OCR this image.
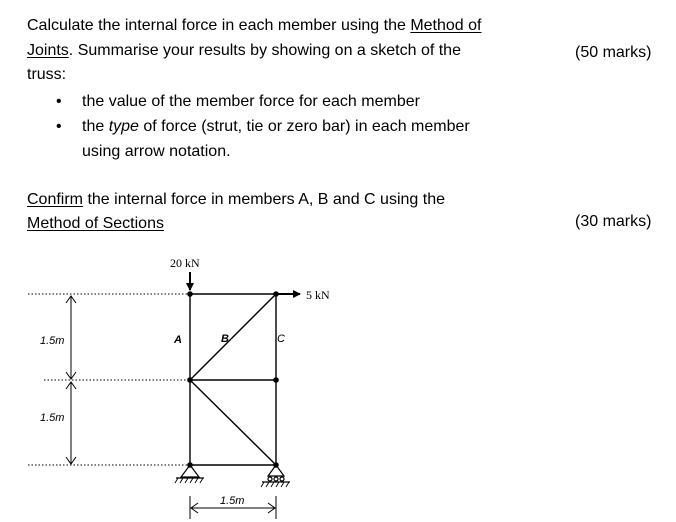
Calculate the internal force in each member using the Method of
Joints. Summarise your results by showing on a sketch of the
truss:
(50 marks)
• the value of the member force for each member
• the type of force (strut, tie or zero bar) in each member
using arrow notation.
Confirm the internal force in members A, B and C using the
Method of Sections	(30 marks)
20 kN
5 kN
A	B	C
1.5m
1.5m
1.5m
